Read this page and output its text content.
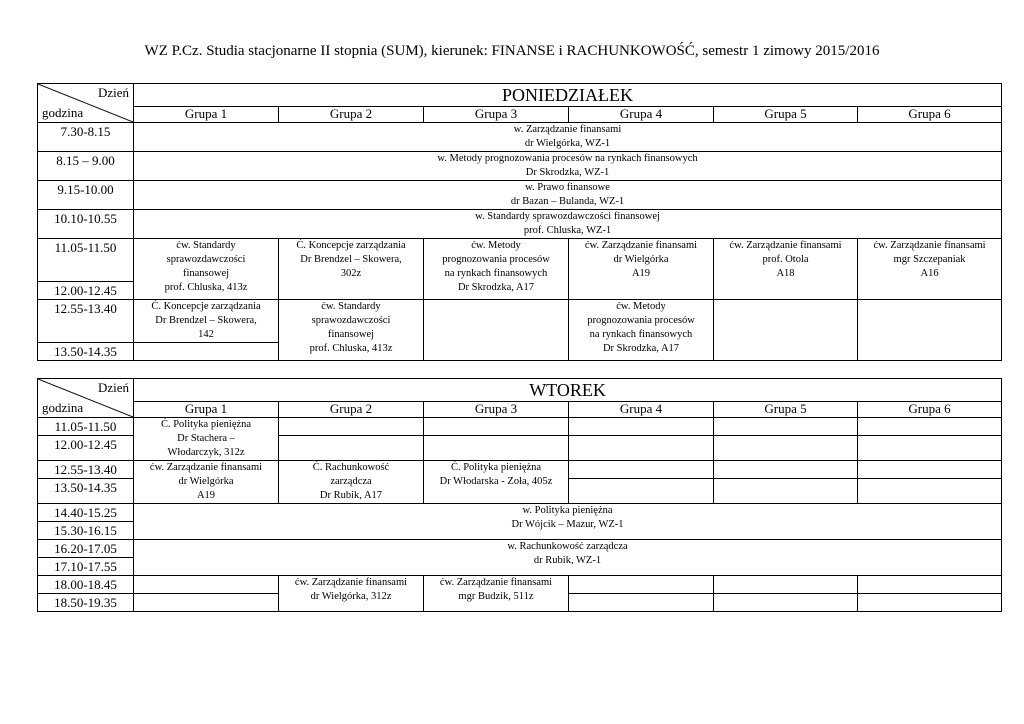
WZ P.Cz. Studia stacjonarne II stopnia (SUM), kierunek: FINANSE i RACHUNKOWOŚĆ, semestr 1 zimowy 2015/2016
Dzień
godzina	PONIEDZIAŁEK					
	Grupa 1	Grupa 2	Grupa 3	Grupa 4	Grupa 5	Grupa 6
7.30-8.15	w. Zarządzanie finansami
dr Wielgórka, WZ-1					

8.15 – 9.00	w. Metody prognozowania procesów na rynkach finansowych
Dr Skrodzka, WZ-1					

9.15-10.00	w. Prawo finansowe
dr Bazan – Bulanda, WZ-1					

10.10-10.55	w. Standardy sprawozdawczości finansowej
prof. Chluska, WZ-1					

11.05-11.50	ćw. Standardy
sprawozdawczości
finansowej
prof. Chluska, 413z	Ć. Koncepcje zarządzania
Dr Brendzel – Skowera,
302z	ćw. Metody
prognozowania procesów
na rynkach finansowych
Dr Skrodzka, A17	ćw. Zarządzanie finansami
dr Wielgórka
A19	ćw. Zarządzanie finansami
prof. Otola
A18	ćw. Zarządzanie finansami
mgr Szczepaniak
A16

12.00-12.45						
12.55-13.40	Ć. Koncepcje zarządzania
Dr Brendzel – Skowera,
142	ćw. Standardy
sprawozdawczości
finansowej
prof. Chluska, 413z		ćw. Metody
prognozowania procesów
na rynkach finansowych
Dr Skrodzka, A17		

13.50-14.35						
Dzień
godzina	WTOREK					
	Grupa 1	Grupa 2	Grupa 3	Grupa 4	Grupa 5	Grupa 6
11.05-11.50	Ć. Polityka pieniężna
Dr Stachera –
Włodarczyk, 312z					

12.00-12.45						
12.55-13.40	ćw. Zarządzanie finansami
dr Wielgórka
A19	Ć. Rachunkowość
zarządcza
Dr Rubik, A17	Ć. Polityka pieniężna
Dr Włodarska - Zoła, 405z			

13.50-14.35						
14.40-15.25	w. Polityka pieniężna
Dr Wójcik – Mazur, WZ-1					

15.30-16.15						
16.20-17.05	w. Rachunkowość zarządcza
dr Rubik, WZ-1					

17.10-17.55						
18.00-18.45		ćw. Zarządzanie finansami
dr Wielgórka, 312z	ćw. Zarządzanie finansami
mgr Budzik, 511z			

18.50-19.35						
